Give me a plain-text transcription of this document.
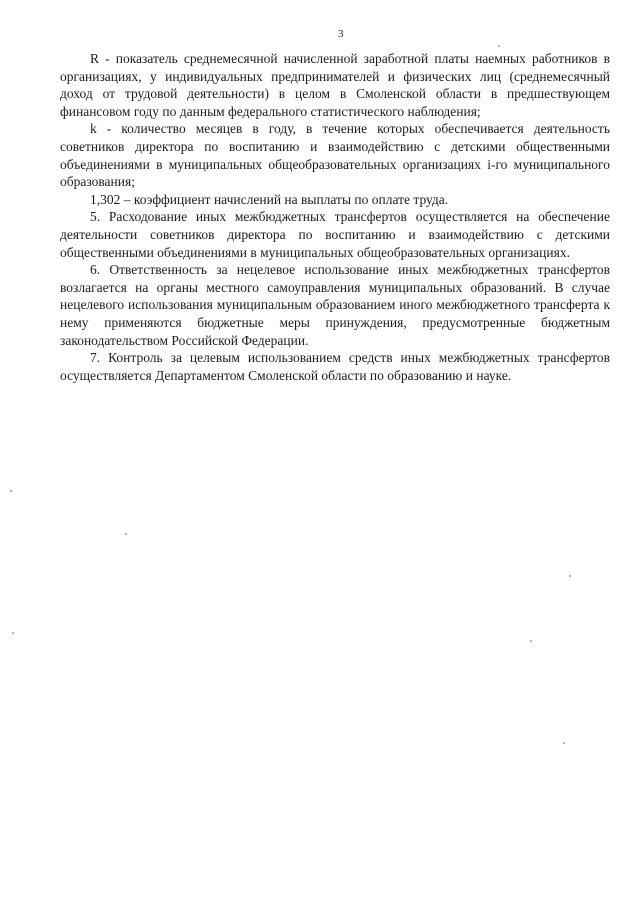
3

R - показатель среднемесячной начисленной заработной платы наемных работников в организациях, у индивидуальных предпринимателей и физических лиц (среднемесячный доход от трудовой деятельности) в целом в Смоленской области в предшествующем финансовом году по данным федерального статистического наблюдения;

k - количество месяцев в году, в течение которых обеспечивается деятельность советников директора по воспитанию и взаимодействию с детскими общественными объединениями в муниципальных общеобразовательных организациях i-го муниципального образования;

1,302 – коэффициент начислений на выплаты по оплате труда.

5. Расходование иных межбюджетных трансфертов осуществляется на обеспечение деятельности советников директора по воспитанию и взаимодействию с детскими общественными объединениями в муниципальных общеобразовательных организациях.

6. Ответственность за нецелевое использование иных межбюджетных трансфертов возлагается на органы местного самоуправления муниципальных образований. В случае нецелевого использования муниципальным образованием иного межбюджетного трансферта к нему применяются бюджетные меры принуждения, предусмотренные бюджетным законодательством Российской Федерации.

7. Контроль за целевым использованием средств иных межбюджетных трансфертов осуществляется Департаментом Смоленской области по образованию и науке.
